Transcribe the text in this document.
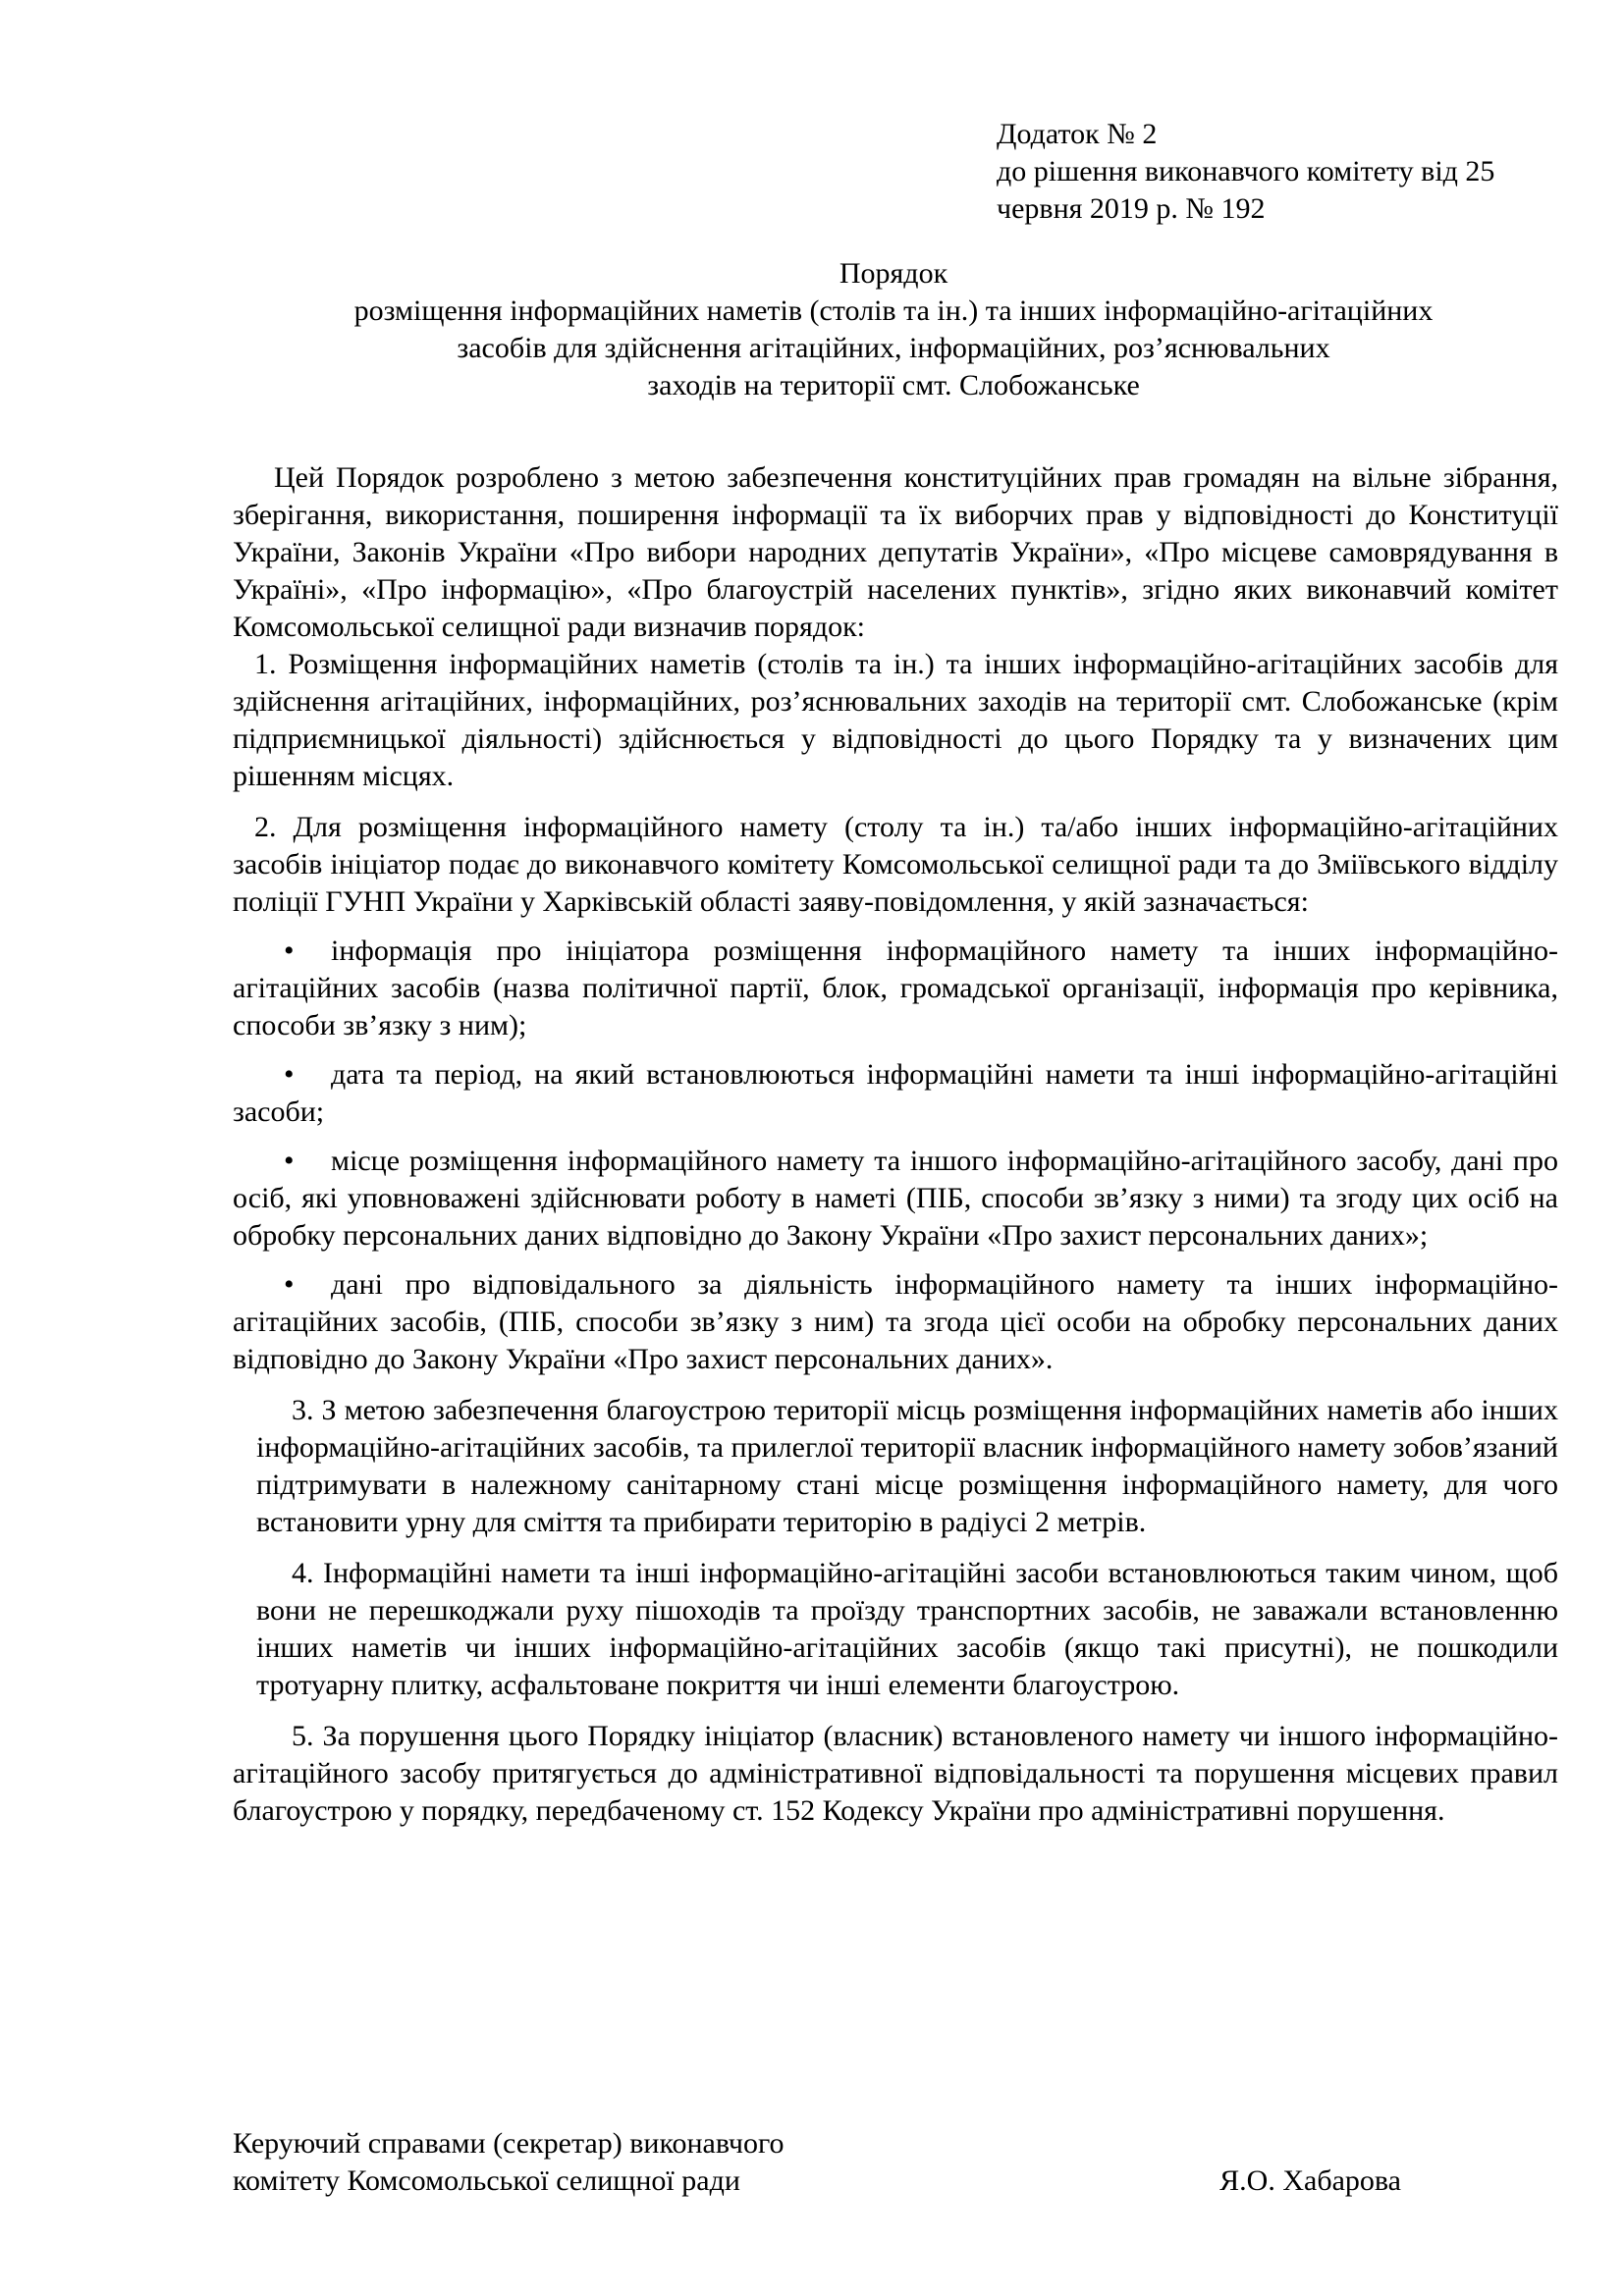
Додаток № 2
до рішення виконавчого комітету від 25
червня 2019 р. № 192
Порядок
розміщення інформаційних наметів (столів та ін.) та інших інформаційно-агітаційних
засобів для здійснення агітаційних, інформаційних, роз’яснювальних
заходів на території смт. Слобожанське

Цей Порядок розроблено з метою забезпечення конституційних прав громадян на вільне зібрання, зберігання, використання, поширення інформації та їх виборчих прав у відповідності до Конституції України, Законів України «Про вибори народних депутатів України», «Про місцеве самоврядування в Україні», «Про інформацію», «Про благоустрій населених пунктів», згідно яких виконавчий комітет Комсомольської селищної ради визначив порядок:

1. Розміщення інформаційних наметів (столів та ін.) та інших інформаційно-агітаційних засобів для здійснення агітаційних, інформаційних, роз’яснювальних заходів на території смт. Слобожанське (крім підприємницької діяльності) здійснюється у відповідності до цього Порядку та у визначених цим рішенням місцях.

2. Для розміщення інформаційного намету (столу та ін.) та/або інших інформаційно-агітаційних засобів ініціатор подає до виконавчого комітету Комсомольської селищної ради та до Зміївського відділу поліції ГУНП України у Харківській області заяву-повідомлення, у якій зазначається:

• інформація про ініціатора розміщення інформаційного намету та інших інформаційно-агітаційних засобів (назва політичної партії, блок, громадської організації, інформація про керівника, способи зв’язку з ним);

• дата та період, на який встановлюються інформаційні намети та інші інформаційно-агітаційні засоби;

• місце розміщення інформаційного намету та іншого інформаційно-агітаційного засобу, дані про осіб, які уповноважені здійснювати роботу в наметі (ПІБ, способи зв’язку з ними) та згоду цих осіб на обробку персональних даних відповідно до Закону України «Про захист персональних даних»;

• дані про відповідального за діяльність інформаційного намету та інших інформаційно-агітаційних засобів, (ПІБ, способи зв’язку з ним) та згода цієї особи на обробку персональних даних відповідно до Закону України «Про захист персональних даних».

3. З метою забезпечення благоустрою території місць розміщення інформаційних наметів або інших інформаційно-агітаційних засобів, та прилеглої території власник інформаційного намету зобов’язаний підтримувати в належному санітарному стані місце розміщення інформаційного намету, для чого встановити урну для сміття та прибирати територію в радіусі 2 метрів.

4. Інформаційні намети та інші інформаційно-агітаційні засоби встановлюються таким чином, щоб вони не перешкоджали руху пішоходів та проїзду транспортних засобів, не заважали встановленню інших наметів чи інших інформаційно-агітаційних засобів (якщо такі присутні), не пошкодили тротуарну плитку, асфальтоване покриття чи інші елементи благоустрою.

5. За порушення цього Порядку ініціатор (власник) встановленого намету чи іншого інформаційно-агітаційного засобу притягується до адміністративної відповідальності та порушення місцевих правил благоустрою у порядку, передбаченому ст. 152 Кодексу України про адміністративні порушення.

Керуючий справами (секретар) виконавчого
комітету Комсомольської селищної ради	Я.О. Хабарова
